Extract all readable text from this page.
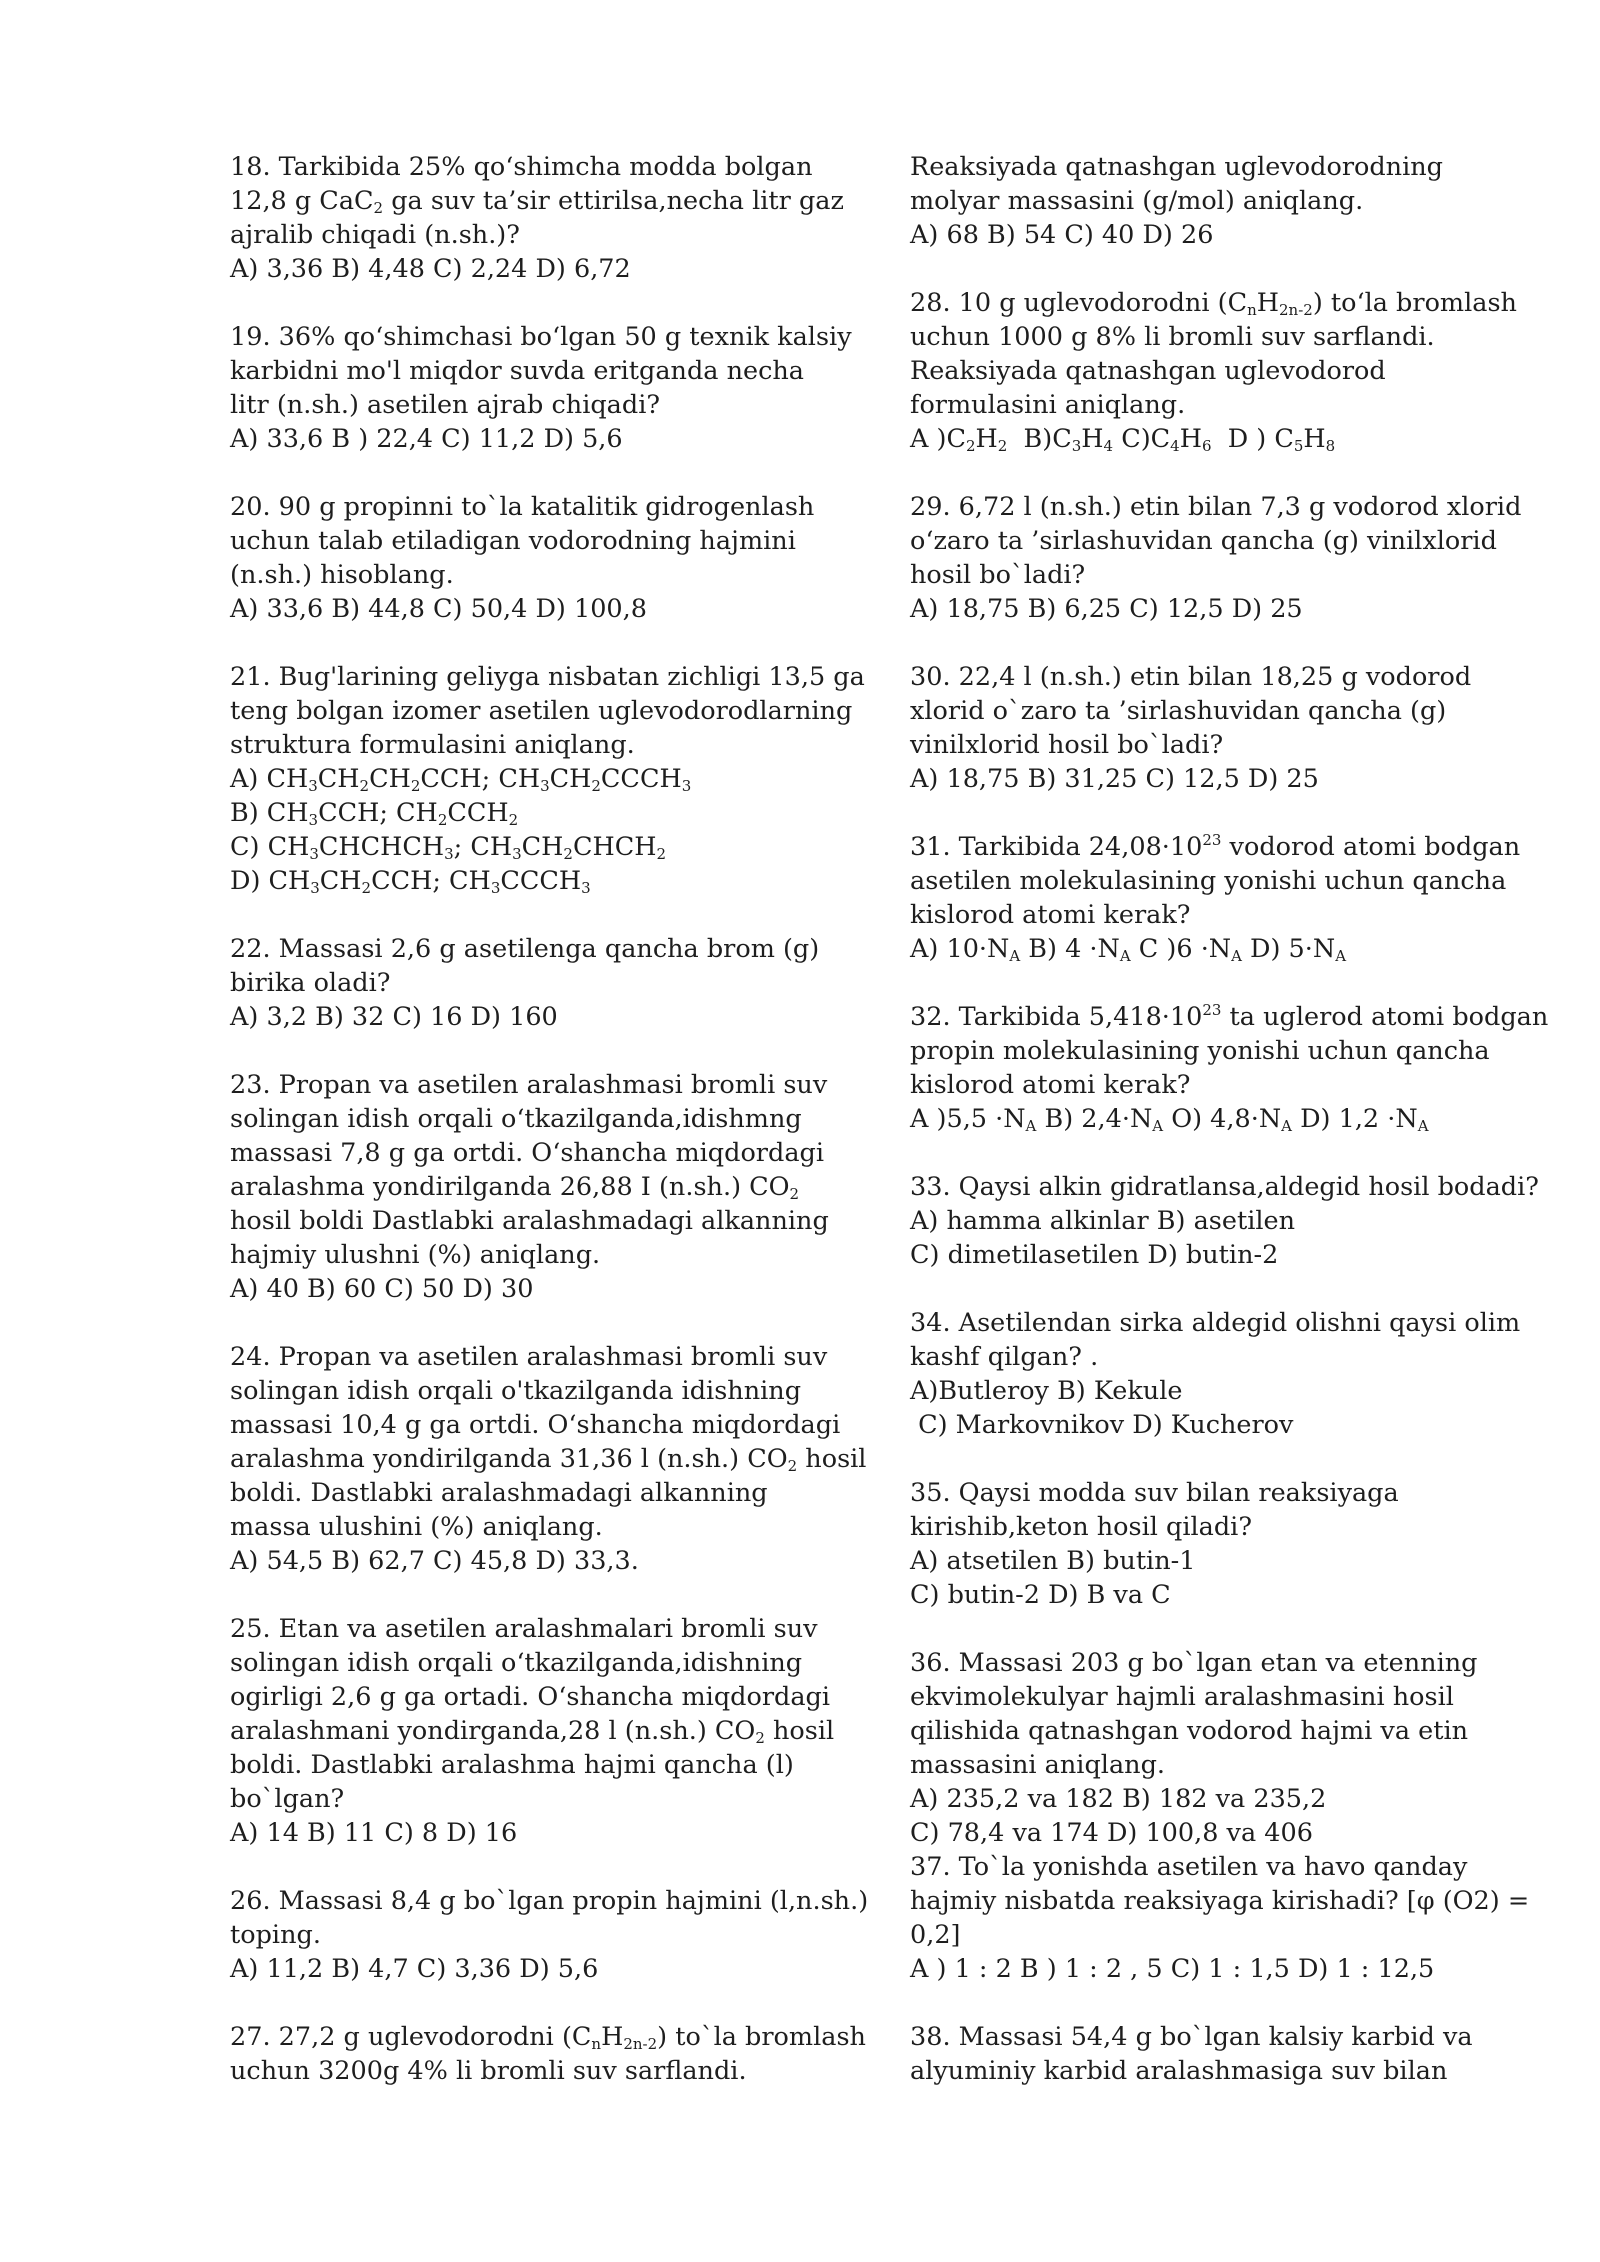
18. Tarkibida 25% qo‘shimcha modda bolgan
12,8 g CaC$_2$ ga suv ta’sir ettirilsa,necha litr gaz
ajralib chiqadi (n.sh.)?
A) 3,36 B) 4,48 C) 2,24 D) 6,72
19. 36% qo‘shimchasi bo‘lgan 50 g texnik kalsiy
karbidni mo'l miqdor suvda eritganda necha
litr (n.sh.) asetilen ajrab chiqadi?
A) 33,6 B ) 22,4 C) 11,2 D) 5,6
20. 90 g propinni to`la katalitik gidrogenlash
uchun talab etiladigan vodorodning hajmini
(n.sh.) hisoblang.
A) 33,6 B) 44,8 C) 50,4 D) 100,8
21. Bug'larining geliyga nisbatan zichligi 13,5 ga
teng bolgan izomer asetilen uglevodorodlarning
struktura formulasini aniqlang.
A) $CH_3CH_2CH_2CCH$; $CH_3CH_2CCCH_3$
B) $CH_3CCH$; $CH_2CCH_2$
C) $CH_3CHCHCH_3$; $CH_3CH_2CHCH_2$
D) $CH_3CH_2CCH$; $CH_3CCCH_3$
22. Massasi 2,6 g asetilenga qancha brom (g)
birika oladi?
A) 3,2 B) 32 C) 16 D) 160
23. Propan va asetilen aralashmasi bromli suv
solingan idish orqali o‘tkazilganda,idishmng
massasi 7,8 g ga ortdi. O‘shancha miqdordagi
aralashma yondirilganda 26,88 I (n.sh.) $CO_2$
hosil boldi Dastlabki aralashmadagi alkanning
hajmiy ulushni (%) aniqlang.
A) 40 B) 60 C) 50 D) 30
24. Propan va asetilen aralashmasi bromli suv
solingan idish orqali o'tkazilganda idishning
massasi 10,4 g ga ortdi. O‘shancha miqdordagi
aralashma yondirilganda 31,36 l (n.sh.) $CO_2$ hosil
boldi. Dastlabki aralashmadagi alkanning
massa ulushini (%) aniqlang.
A) 54,5 B) 62,7 C) 45,8 D) 33,3.
25. Etan va asetilen aralashmalari bromli suv
solingan idish orqali o‘tkazilganda,idishning
ogirligi 2,6 g ga ortadi. O‘shancha miqdordagi
aralashmani yondirganda,28 l (n.sh.) $CO_2$ hosil
boldi. Dastlabki aralashma hajmi qancha (l)
bo`lgan?
A) 14 B) 11 C) 8 D) 16
26. Massasi 8,4 g bo`lgan propin hajmini (l,n.sh.)
toping.
A) 11,2 B) 4,7 C) 3,36 D) 5,6
27. 27,2 g uglevodorodni $(C_nH_{2n-2})$ to`la bromlash
uchun 3200g 4% li bromli suv sarflandi.
Reaksiyada qatnashgan uglevodorodning
molyar massasini (g/mol) aniqlang.
A) 68 B) 54 C) 40 D) 26
28. 10 g uglevodorodni $(C_nH_{2n-2})$ to‘la bromlash
uchun 1000 g 8% li bromli suv sarflandi.
Reaksiyada qatnashgan uglevodorod
formulasini aniqlang.
A )$C_2H_2$  $B)C_3H_4$ $C)C_4H_6$  D ) $C_5H_8$
29. 6,72 l (n.sh.) etin bilan 7,3 g vodorod xlorid
o‘zaro ta ’sirlashuvidan qancha (g) vinilxlorid
hosil bo`ladi?
A) 18,75 B) 6,25 C) 12,5 D) 25
30. 22,4 l (n.sh.) etin bilan 18,25 g vodorod
xlorid o`zaro ta ’sirlashuvidan qancha (g)
vinilxlorid hosil bo`ladi?
A) 18,75 B) 31,25 C) 12,5 D) 25
31. Tarkibida $24,08\cdot 10^{23}$ vodorod atomi bodgan
asetilen molekulasining yonishi uchun qancha
kislorod atomi kerak?
A) $10\cdot N_A$ B) $4 \cdot N_A$ C )$6 \cdot N_A$ D) $5\cdot N_A$
32. Tarkibida $5,418\cdot 10^{23}$ ta uglerod atomi bodgan
propin molekulasining yonishi uchun qancha
kislorod atomi kerak?
A )$5,5 \cdot N_A$ B) $2,4\cdot N_A$ O) $4,8\cdot N_A$ D) $1,2 \cdot N_A$
33. Qaysi alkin gidratlansa,aldegid hosil bodadi?
A) hamma alkinlar B) asetilen
C) dimetilasetilen D) butin-2
34. Asetilendan sirka aldegid olishni qaysi olim
kashf qilgan? .
A)Butleroy B) Kekule
C) Markovnikov D) Kucherov
35. Qaysi modda suv bilan reaksiyaga
kirishib,keton hosil qiladi?
A) atsetilen B) butin-1
C) butin-2 D) B va C
36. Massasi 203 g bo`lgan etan va etenning
ekvimolekulyar hajmli aralashmasini hosil
qilishida qatnashgan vodorod hajmi va etin
massasini aniqlang.
A) 235,2 va 182 B) 182 va 235,2
C) 78,4 va 174 D) 100,8 va 406
37. To`la yonishda asetilen va havo qanday
hajmiy nisbatda reaksiyaga kirishadi? [φ (O2) =
0,2]
A ) 1 : 2 B ) 1 : 2 , 5 C) 1 : 1,5 D) 1 : 12,5
38. Massasi 54,4 g bo`lgan kalsiy karbid va
alyuminiy karbid aralashmasiga suv bilan
